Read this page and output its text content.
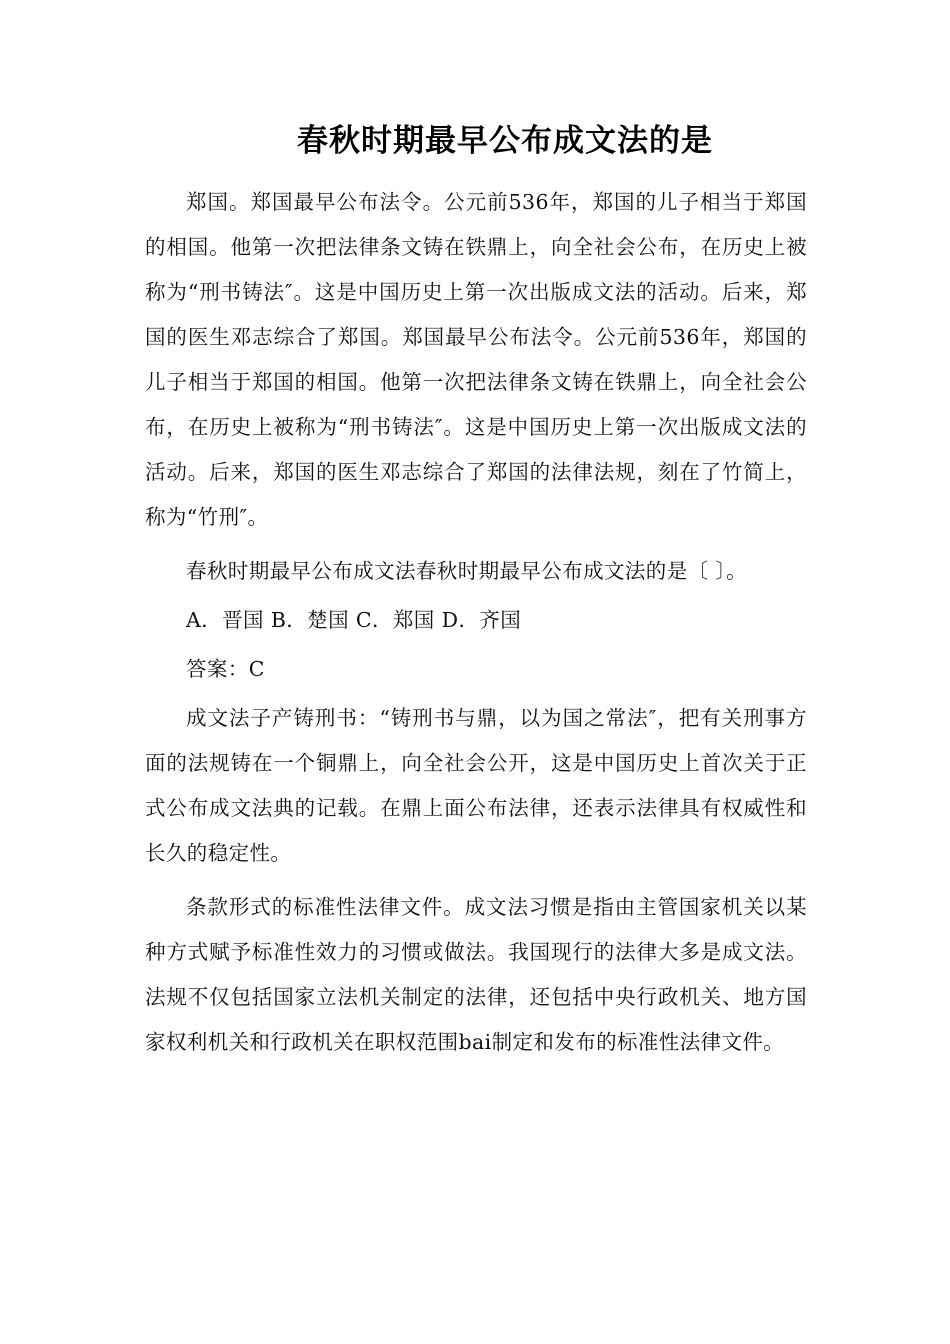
春秋时期最早公布成文法的是

郑国。郑国最早公布法令。公元前536年，郑国的儿子相当于郑国的相国。他第一次把法律条文铸在铁鼎上，向全社会公布，在历史上被称为“刑书铸法″。这是中国历史上第一次出版成文法的活动。后来，郑国的医生邓志综合了郑国。郑国最早公布法令。公元前536年，郑国的儿子相当于郑国的相国。他第一次把法律条文铸在铁鼎上，向全社会公布，在历史上被称为“刑书铸法″。这是中国历史上第一次出版成文法的活动。后来，郑国的医生邓志综合了郑国的法律法规，刻在了竹简上，称为“竹刑″。

春秋时期最早公布成文法春秋时期最早公布成文法的是〔 〕。

A．晋国 B．楚国 C．郑国 D．齐国

答案：C

成文法子产铸刑书：“铸刑书与鼎，以为国之常法″，把有关刑事方面的法规铸在一个铜鼎上，向全社会公开，这是中国历史上首次关于正式公布成文法典的记载。在鼎上面公布法律，还表示法律具有权威性和长久的稳定性。

条款形式的标准性法律文件。成文法习惯是指由主管国家机关以某种方式赋予标准性效力的习惯或做法。我国现行的法律大多是成文法。法规不仅包括国家立法机关制定的法律，还包括中央行政机关、地方国家权利机关和行政机关在职权范围bai制定和发布的标准性法律文件。
